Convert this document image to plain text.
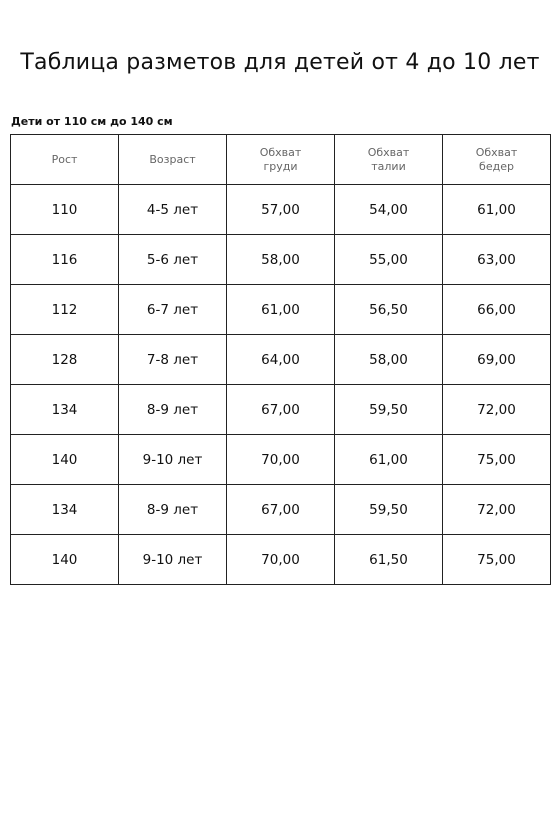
Таблица разметов для детей от 4 до 10 лет
Дети от 110 см до 140 см
Рост	Возраст	Обхват груди	Обхват талии	Обхват бедер
110	4-5 лет	57,00	54,00	61,00
116	5-6 лет	58,00	55,00	63,00
112	6-7 лет	61,00	56,50	66,00
128	7-8 лет	64,00	58,00	69,00
134	8-9 лет	67,00	59,50	72,00
140	9-10 лет	70,00	61,00	75,00
134	8-9 лет	67,00	59,50	72,00
140	9-10 лет	70,00	61,50	75,00
